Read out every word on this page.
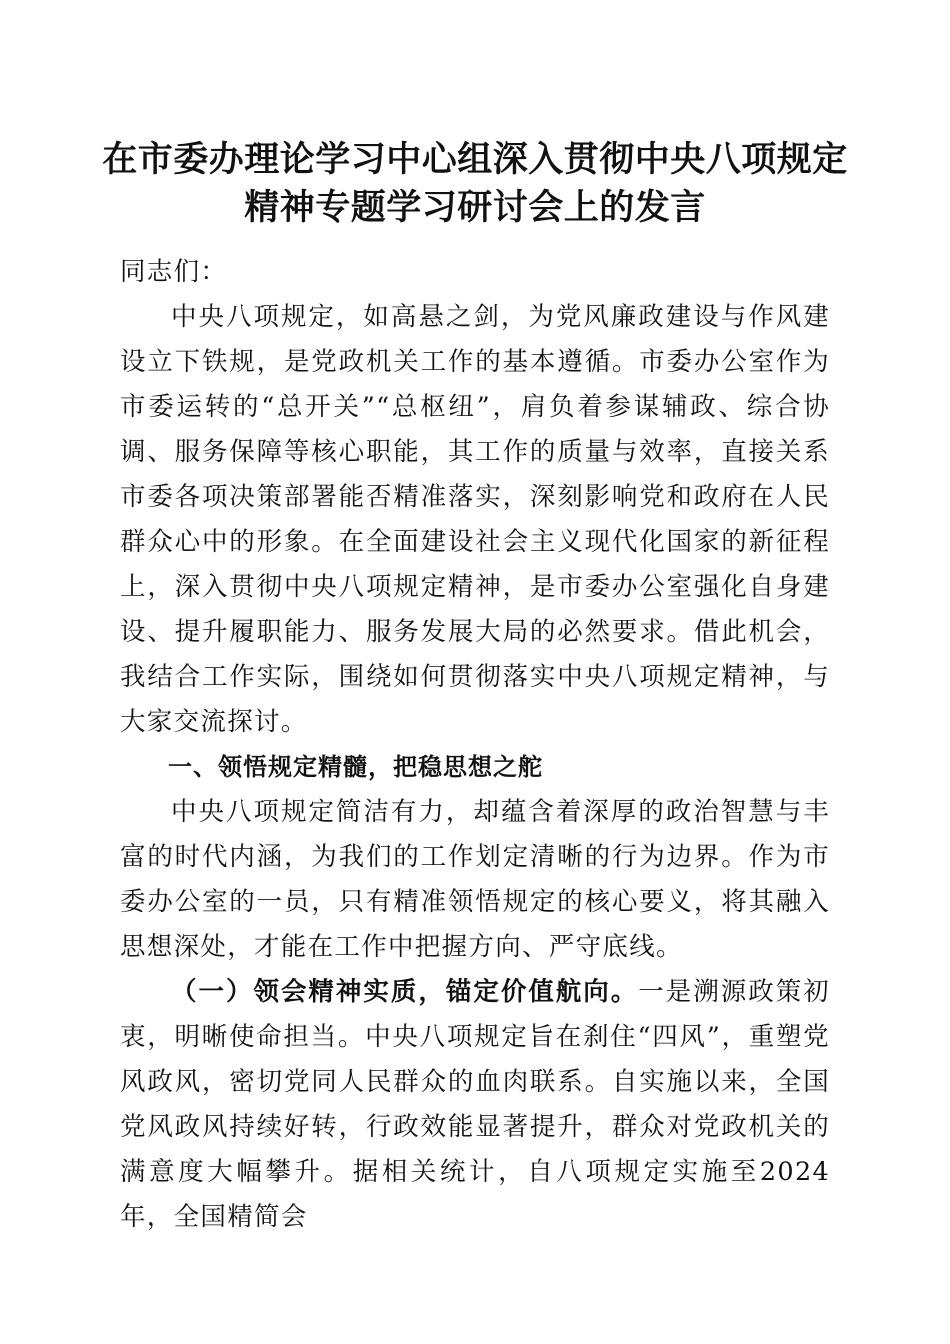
在市委办理论学习中心组深入贯彻中央八项规定精神专题学习研讨会上的发言

同志们：

中央八项规定，如高悬之剑，为党风廉政建设与作风建设立下铁规，是党政机关工作的基本遵循。市委办公室作为市委运转的“总开关”“总枢纽”，肩负着参谋辅政、综合协调、服务保障等核心职能，其工作的质量与效率，直接关系市委各项决策部署能否精准落实，深刻影响党和政府在人民群众心中的形象。在全面建设社会主义现代化国家的新征程上，深入贯彻中央八项规定精神，是市委办公室强化自身建设、提升履职能力、服务发展大局的必然要求。借此机会，我结合工作实际，围绕如何贯彻落实中央八项规定精神，与大家交流探讨。

一、领悟规定精髓，把稳思想之舵

中央八项规定简洁有力，却蕴含着深厚的政治智慧与丰富的时代内涵，为我们的工作划定清晰的行为边界。作为市委办公室的一员，只有精准领悟规定的核心要义，将其融入思想深处，才能在工作中把握方向、严守底线。

（一）领会精神实质，锚定价值航向。一是溯源政策初衷，明晰使命担当。中央八项规定旨在刹住“四风”，重塑党风政风，密切党同人民群众的血肉联系。自实施以来，全国党风政风持续好转，行政效能显著提升，群众对党政机关的满意度大幅攀升。据相关统计，自八项规定实施至2024年，全国精简会
